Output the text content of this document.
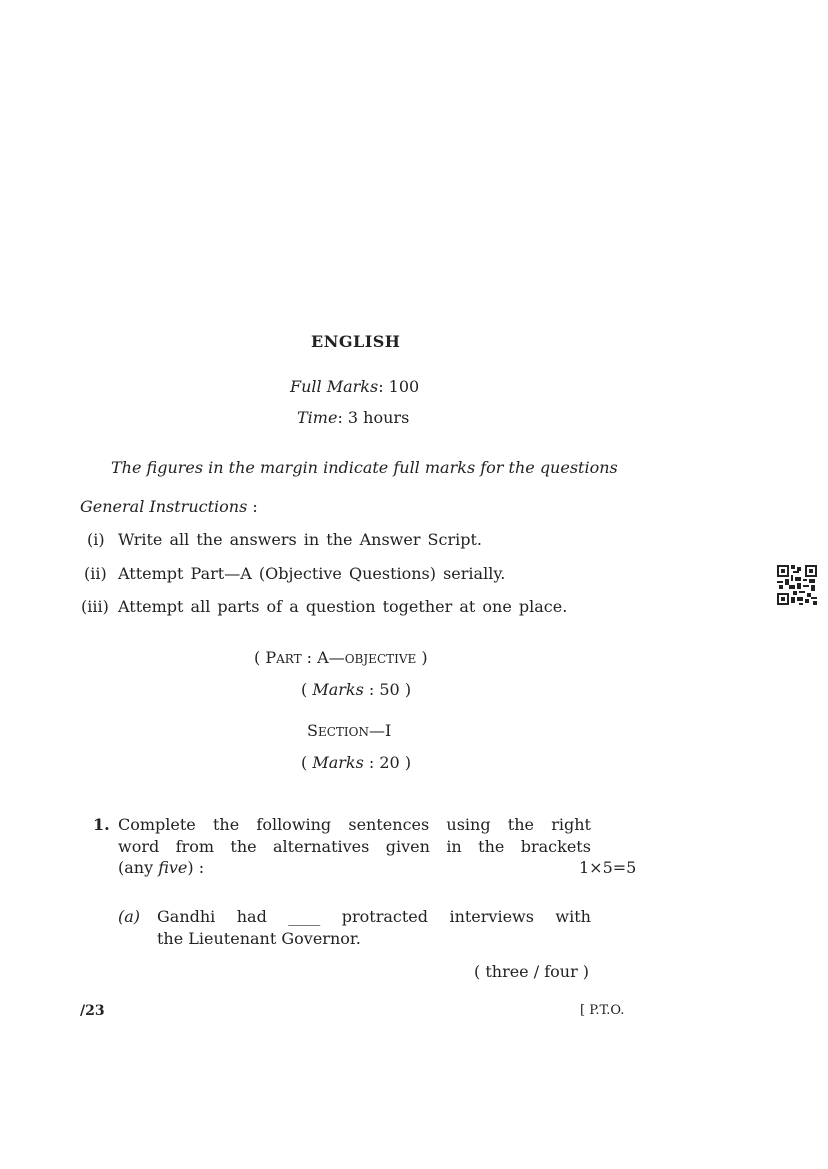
ENGLISH
Full Marks: 100
Time: 3 hours
The figures in the margin indicate full marks for the questions
General Instructions :
(i) Write all the answers in the Answer Script.
(ii) Attempt Part—A (Objective Questions) serially.
(iii) Attempt all parts of a question together at one place.
( PART : A—OBJECTIVE )
( Marks : 50 )
SECTION—I
( Marks : 20 )
1. Complete the following sentences using the right
word from the alternatives given in the brackets
(any five) :	1×5=5
(a) Gandhi had ____ protracted interviews with
the Lieutenant Governor.
( three / four )
/23	[ P.T.O.
